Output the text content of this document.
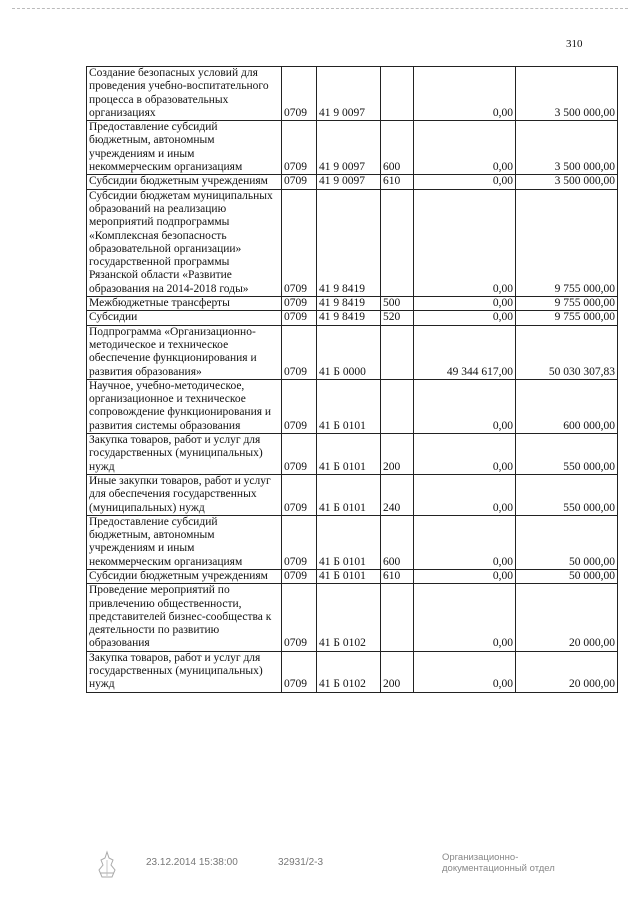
310
Создание безопасных условий для проведения учебно-воспитательного процесса в образовательных организациях	0709	41 9 0097		0,00	3 500 000,00
Предоставление субсидий бюджетным, автономным учреждениям и иным некоммерческим организациям	0709	41 9 0097	600	0,00	3 500 000,00
Субсидии бюджетным учреждениям	0709	41 9 0097	610	0,00	3 500 000,00
Субсидии бюджетам муниципальных образований на реализацию мероприятий подпрограммы «Комплексная безопасность образовательной организации» государственной программы Рязанской области «Развитие образования на 2014-2018 годы»	0709	41 9 8419		0,00	9 755 000,00
Межбюджетные трансферты	0709	41 9 8419	500	0,00	9 755 000,00
Субсидии	0709	41 9 8419	520	0,00	9 755 000,00
Подпрограмма «Организационно-методическое и техническое обеспечение функционирования и развития образования»	0709	41 Б 0000		49 344 617,00	50 030 307,83
Научное, учебно-методическое, организационное и техническое сопровождение функционирования и развития системы образования	0709	41 Б 0101		0,00	600 000,00
Закупка товаров, работ и услуг для государственных (муниципальных) нужд	0709	41 Б 0101	200	0,00	550 000,00
Иные закупки товаров, работ и услуг для обеспечения государственных (муниципальных) нужд	0709	41 Б 0101	240	0,00	550 000,00
Предоставление субсидий бюджетным, автономным учреждениям и иным некоммерческим организациям	0709	41 Б 0101	600	0,00	50 000,00
Субсидии бюджетным учреждениям	0709	41 Б 0101	610	0,00	50 000,00
Проведение мероприятий по привлечению общественности, представителей бизнес-сообщества к деятельности по развитию образования	0709	41 Б 0102		0,00	20 000,00
Закупка товаров, работ и услуг для государственных (муниципальных) нужд	0709	41 Б 0102	200	0,00	20 000,00
23.12.2014 15:38:00	32931/2-3	Организационно-
документационный отдел
